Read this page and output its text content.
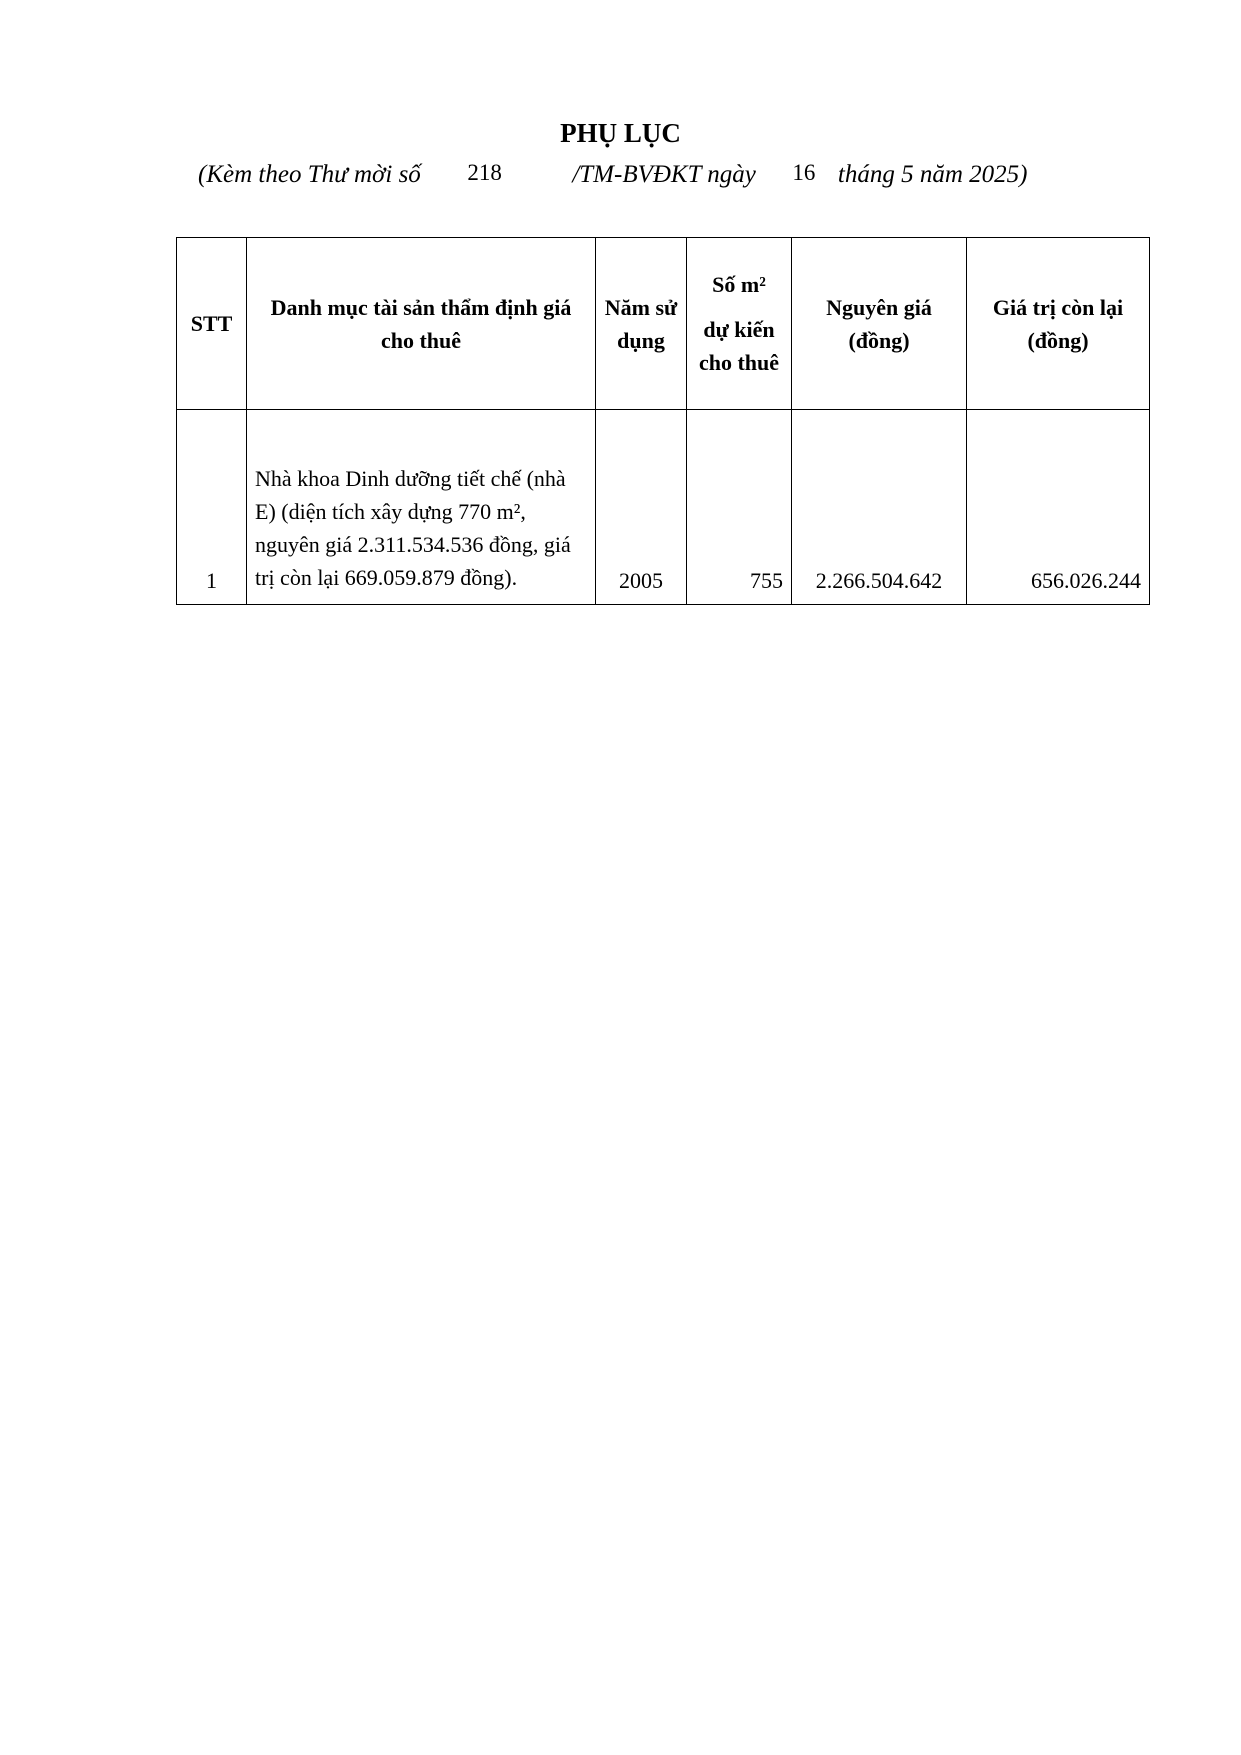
PHỤ LỤC
(Kèm theo Thư mời số 218	/TM-BVĐKT ngày 16 tháng 5 năm 2025)
STT	Danh mục tài sản thẩm định giá cho thuê	Năm sử dụng	Số m²
dự kiến cho thuê	Nguyên giá (đồng)	Giá trị còn lại (đồng)
1	Nhà khoa Dinh dưỡng tiết chế (nhà E) (diện tích xây dựng 770 m², nguyên giá 2.311.534.536 đồng, giá trị còn lại 669.059.879 đồng).	2005	755	2.266.504.642	656.026.244
